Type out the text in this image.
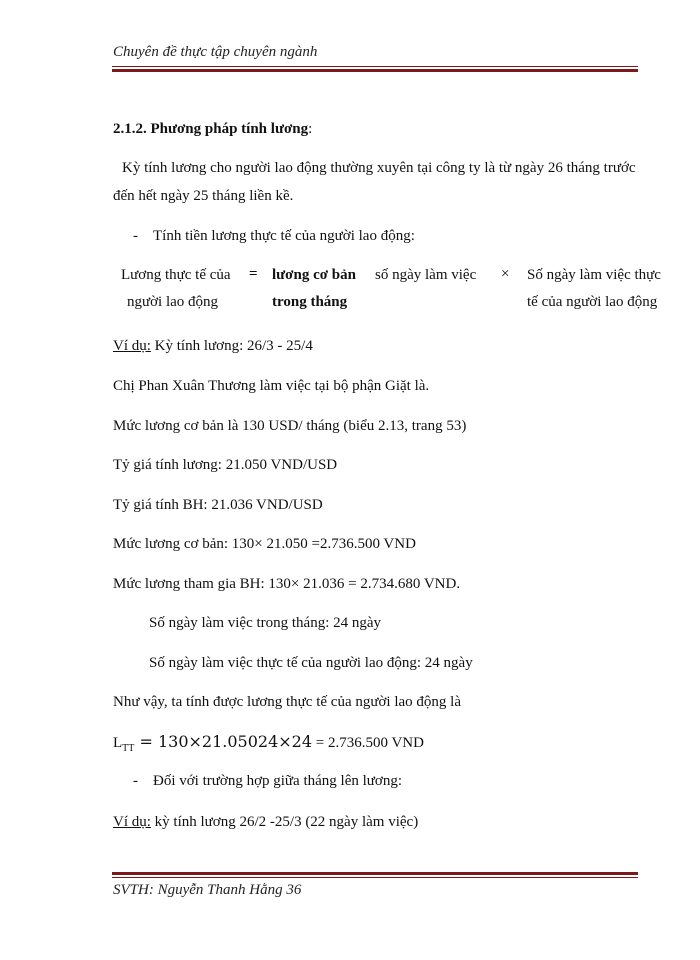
Chuyên đề thực tập chuyên ngành
2.1.2. Phương pháp tính lương:
Kỳ tính lương cho người lao động thường xuyên tại công ty là từ ngày 26 tháng trước
đến hết ngày 25 tháng liền kề.
- Tính tiền lương thực tế của người lao động:
Lương thực tế của
người lao động
= lương cơ bản số ngày làm việc
trong tháng
× Số ngày làm việc thực
tế của người lao động
Ví dụ: Kỳ tính lương: 26/3 - 25/4
Chị Phan Xuân Thương làm việc tại bộ phận Giặt là.
Mức lương cơ bản là 130 USD/ tháng (biểu 2.13, trang 53)
Tỷ giá tính lương: 21.050 VND/USD
Tỷ giá tính BH: 21.036 VND/USD
Mức lương cơ bản: 130× 21.050 =2.736.500 VND
Mức lương tham gia BH: 130× 21.036 = 2.734.680 VND.
Số ngày làm việc trong tháng: 24 ngày
Số ngày làm việc thực tế của người lao động: 24 ngày
Như vậy, ta tính được lương thực tế của người lao động là
$L_{TT} = 130\times 21.05024\times 24 = 2.736.500$ VND
- Đối với trường hợp giữa tháng lên lương:
Ví dụ: kỳ tính lương 26/2 -25/3 (22 ngày làm việc)
SVTH: Nguyễn Thanh Hằng 36
